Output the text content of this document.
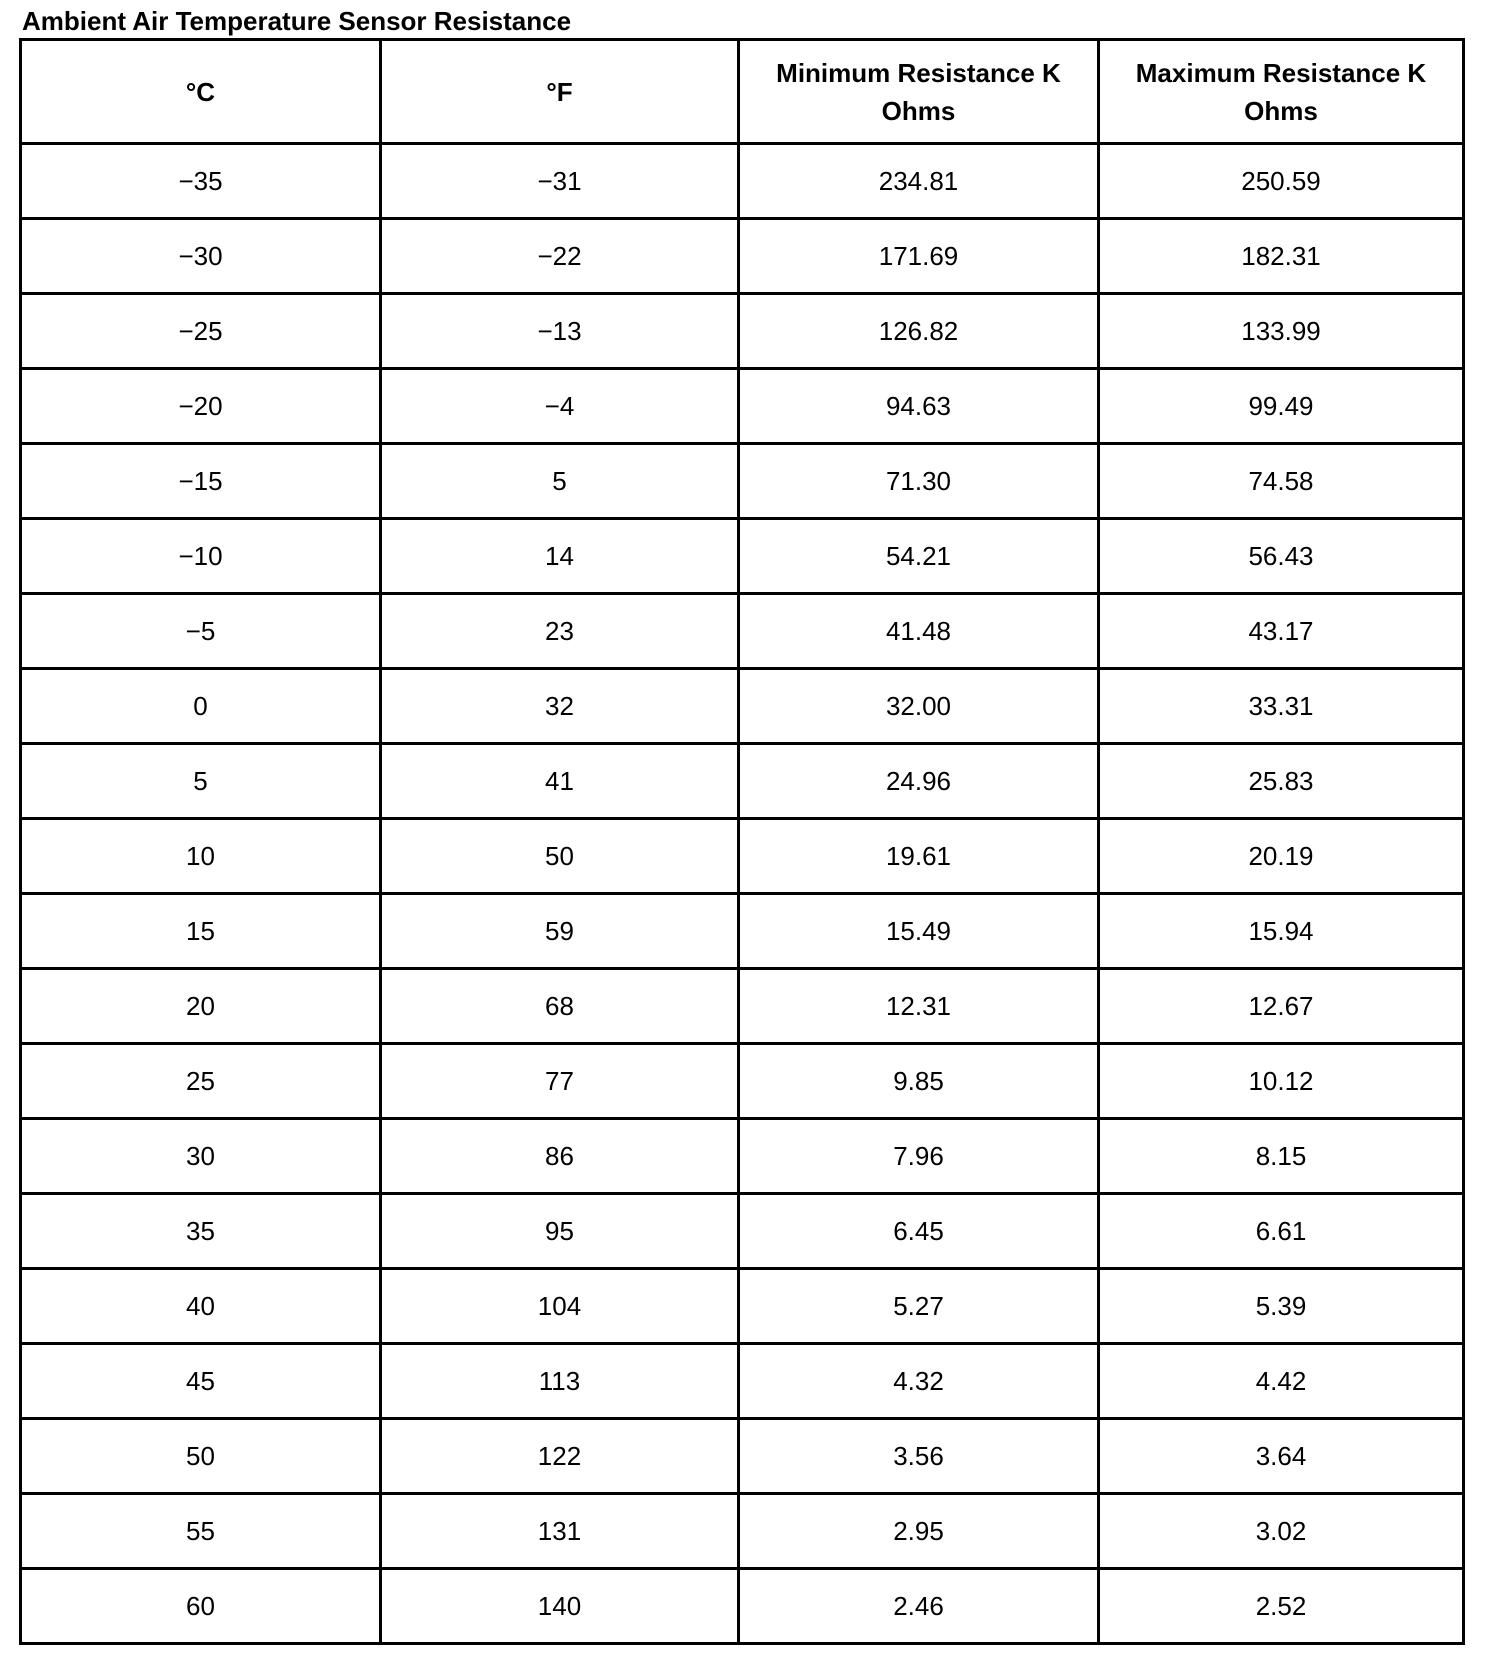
Ambient Air Temperature Sensor Resistance
°C	°F	Minimum Resistance K Ohms	Maximum Resistance K Ohms
−35	−31	234.81	250.59
−30	−22	171.69	182.31
−25	−13	126.82	133.99
−20	−4	94.63	99.49
−15	5	71.30	74.58
−10	14	54.21	56.43
−5	23	41.48	43.17
0	32	32.00	33.31
5	41	24.96	25.83
10	50	19.61	20.19
15	59	15.49	15.94
20	68	12.31	12.67
25	77	9.85	10.12
30	86	7.96	8.15
35	95	6.45	6.61
40	104	5.27	5.39
45	113	4.32	4.42
50	122	3.56	3.64
55	131	2.95	3.02
60	140	2.46	2.52
